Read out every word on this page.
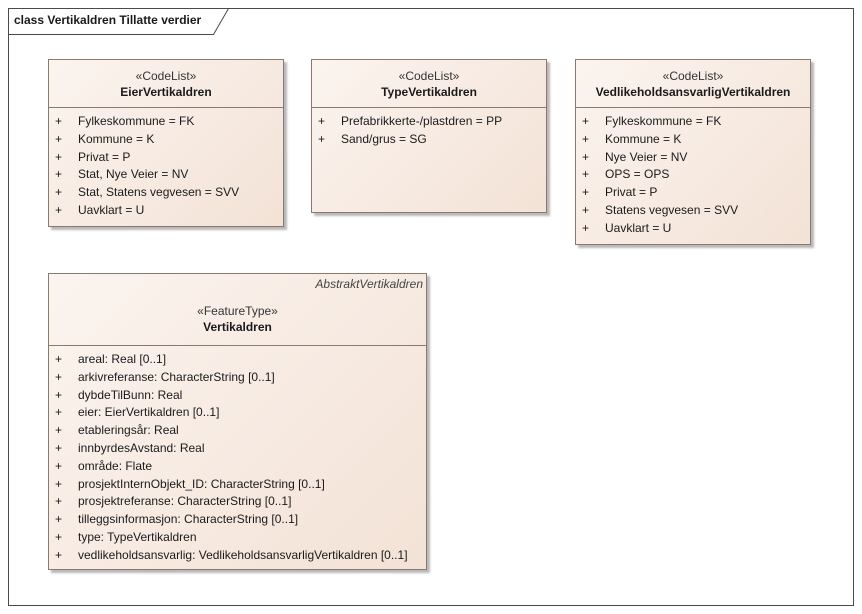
class Vertikaldren Tillatte verdier
«CodeList»
EierVertikaldren
+ Fylkeskommune = FK
+ Kommune = K
+ Privat = P
+ Stat, Nye Veier = NV
+ Stat, Statens vegvesen = SVV
+ Uavklart = U
«CodeList»
TypeVertikaldren
+ Prefabrikkerte-/plastdren = PP
+ Sand/grus = SG
«CodeList»
VedlikeholdsansvarligVertikaldren
+ Fylkeskommune = FK
+ Kommune = K
+ Nye Veier = NV
+ OPS = OPS
+ Privat = P
+ Statens vegvesen = SVV
+ Uavklart = U
AbstraktVertikaldren
«FeatureType»
Vertikaldren
+ areal: Real [0..1]
+ arkivreferanse: CharacterString [0..1]
+ dybdeTilBunn: Real
+ eier: EierVertikaldren [0..1]
+ etableringsår: Real
+ innbyrdesAvstand: Real
+ område: Flate
+ prosjektInternObjekt_ID: CharacterString [0..1]
+ prosjektreferanse: CharacterString [0..1]
+ tilleggsinformasjon: CharacterString [0..1]
+ type: TypeVertikaldren
+ vedlikeholdsansvarlig: VedlikeholdsansvarligVertikaldren [0..1]
